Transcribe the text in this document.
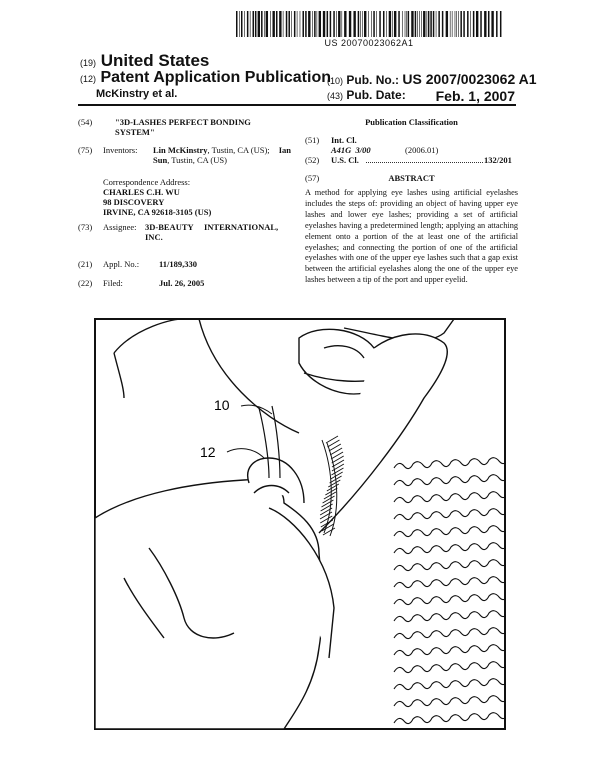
US 20070023062A1
(19) United States
(12) Patent Application Publication
McKinstry et al.
(10) Pub. No.: US 2007/0023062 A1
(43) Pub. Date: Feb. 1, 2007
(54)	"3D-LASHES PERFECT BONDING
SYSTEM"
(75)	Inventors: Lin McKinstry, Tustin, CA (US); Ian
Sun, Tustin, CA (US)
Correspondence Address:
CHARLES C.H. WU
98 DISCOVERY
IRVINE, CA 92618-3105 (US)
(73)	Assignee: 3D-BEAUTY     INTERNATIONAL,
INC.
(21)	Appl. No.: 11/189,330
(22)	Filed:	Jul. 26, 2005
Publication Classification
(51)	Int. Cl.
A41G  3/00	(2006.01)
(52)	U.S. Cl.	132/201
(57)	ABSTRACT
A method for applying eye lashes using artificial eyelashes includes the steps of: providing an object of having upper eye lashes and lower eye lashes; providing a set of artificial eyelashes having a predetermined length; applying an attaching element onto a portion of the at least one of the artificial eyelashes; and connecting the portion of one of the artificial eyelashes with one of the upper eye lashes such that a gap exist between the artificial eyelashes along the one of the upper eye lashes between a tip of the port and upper eyelid.
10
12
